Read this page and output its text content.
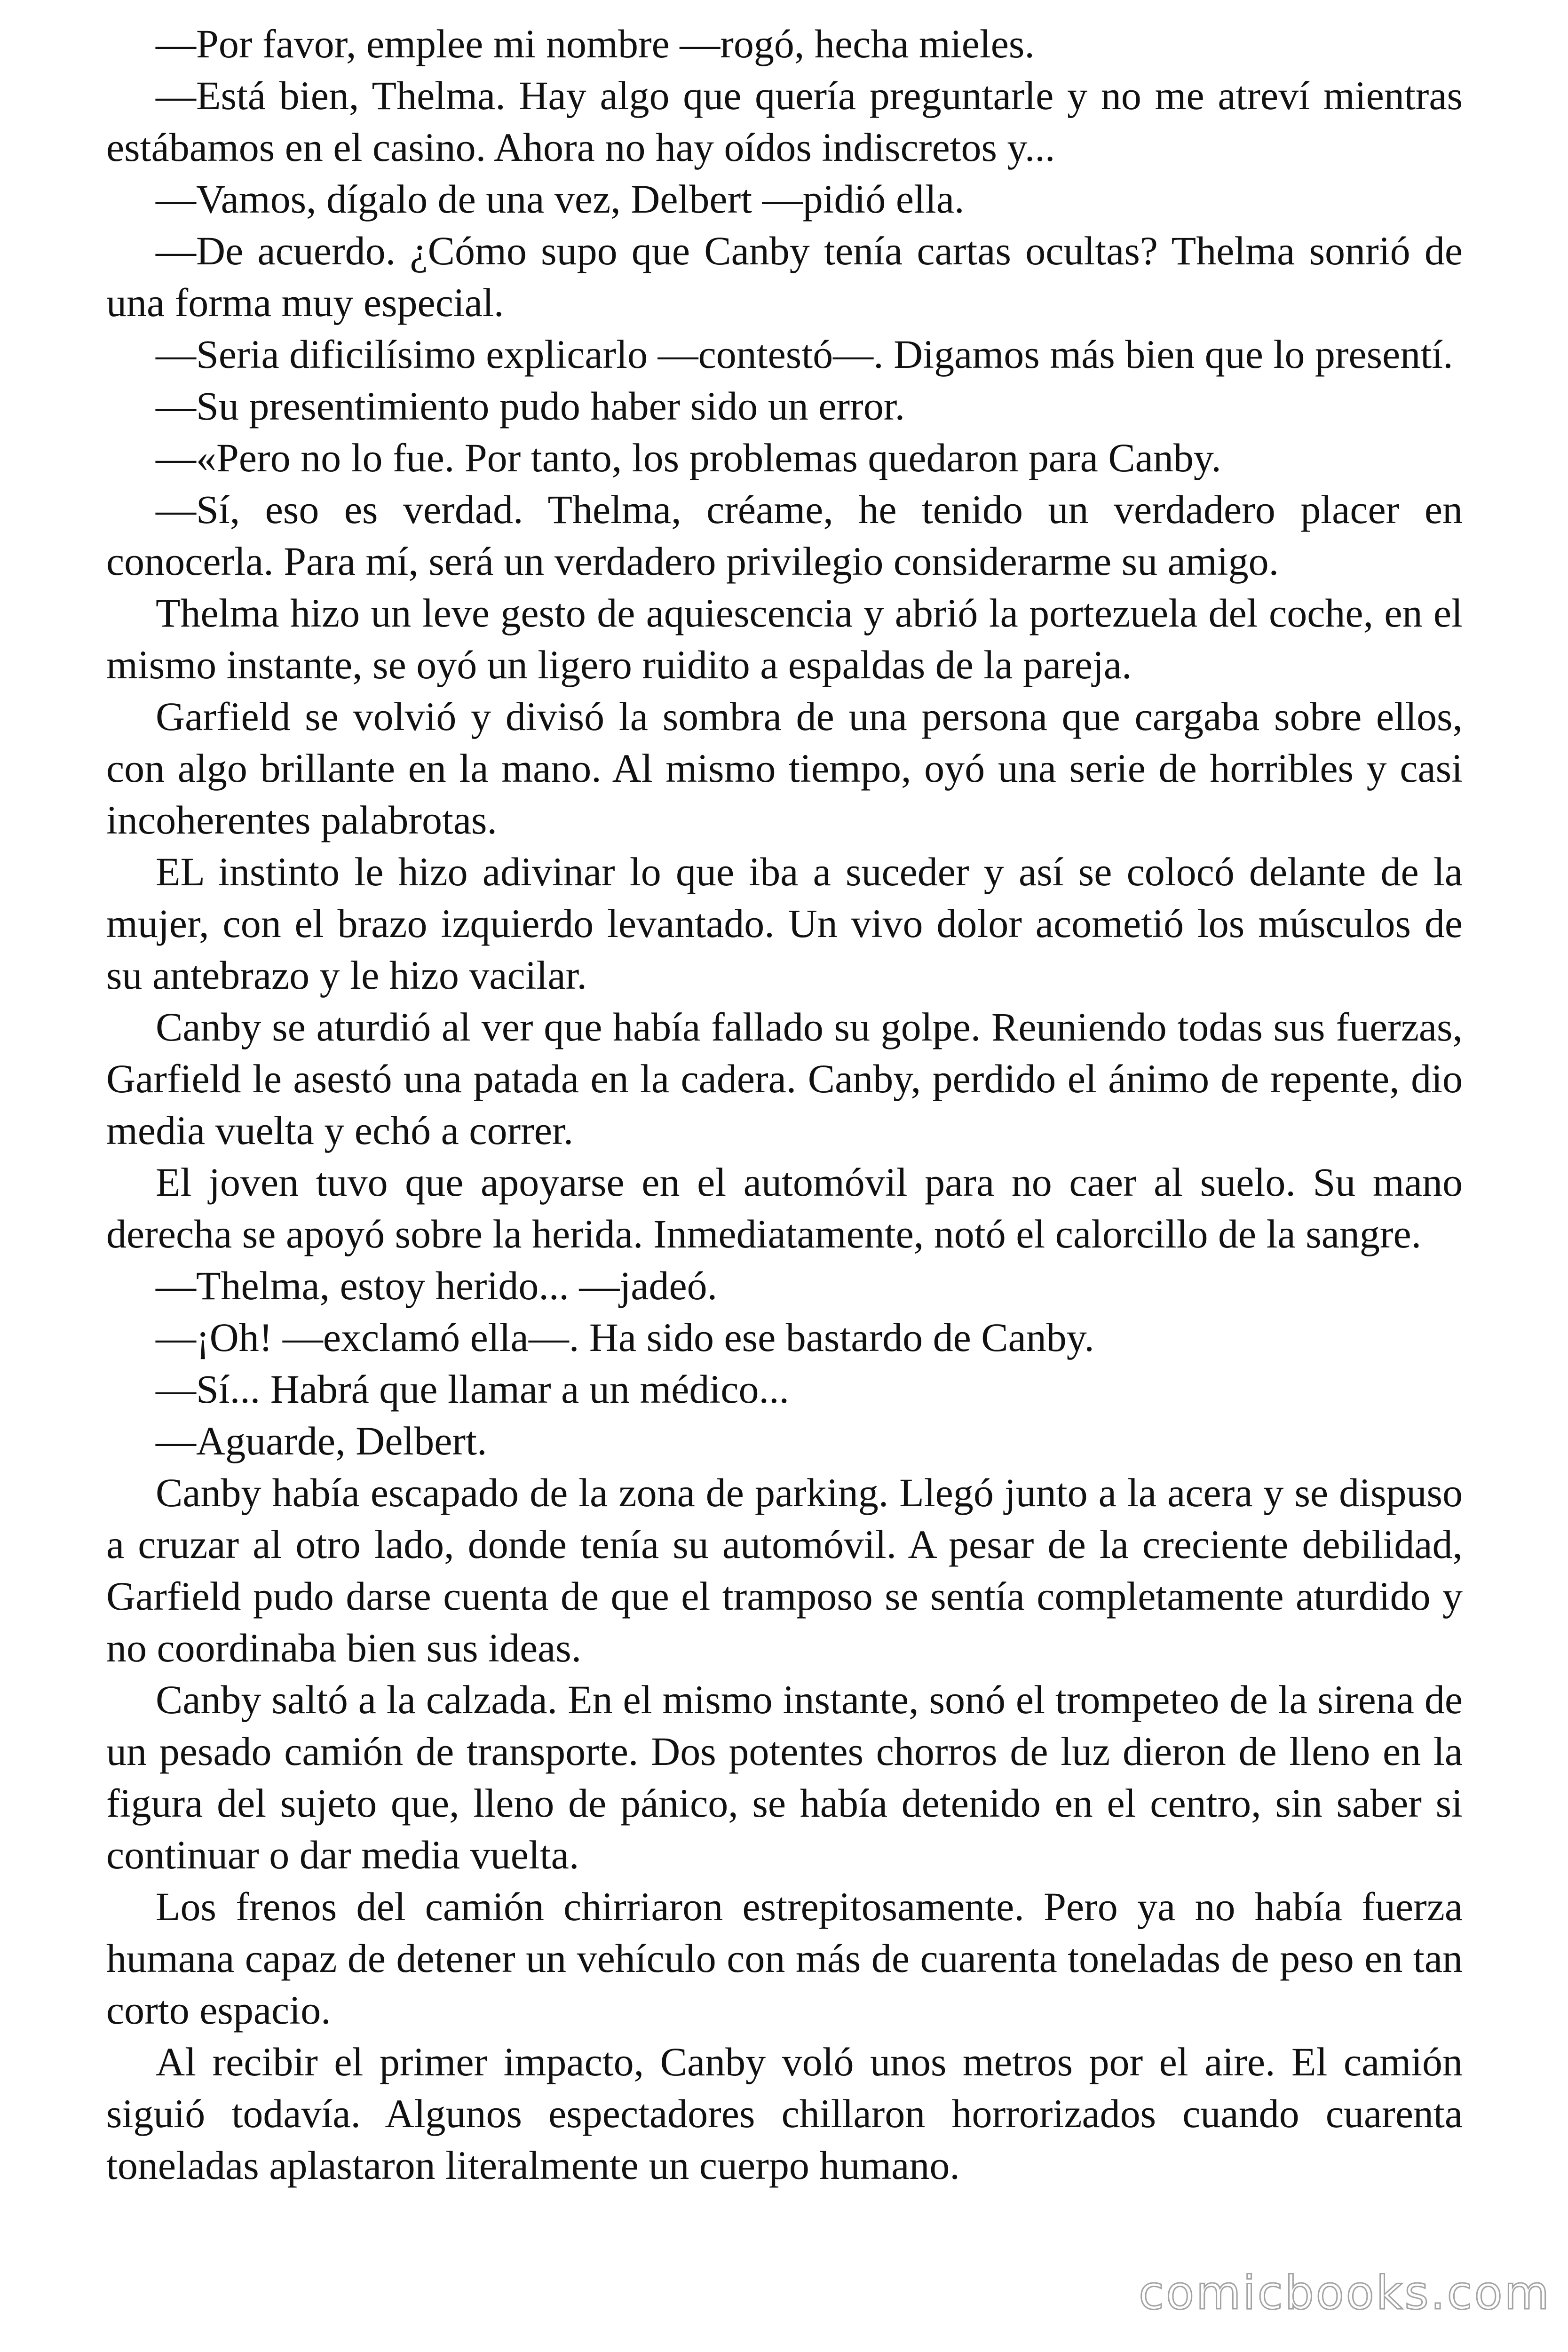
—Por favor, emplee mi nombre —rogó, hecha mieles.

—Está bien, Thelma. Hay algo que quería preguntarle y no me atreví mientras estábamos en el casino. Ahora no hay oídos indiscretos y...

—Vamos, dígalo de una vez, Delbert —pidió ella.

—De acuerdo. ¿Cómo supo que Canby tenía cartas ocultas? Thelma sonrió de una forma muy especial.

—Seria dificilísimo explicarlo —contestó—. Digamos más bien que lo presentí.

—Su presentimiento pudo haber sido un error.

—«Pero no lo fue. Por tanto, los problemas quedaron para Canby.

—Sí, eso es verdad. Thelma, créame, he tenido un verdadero placer en conocerla. Para mí, será un verdadero privilegio considerarme su amigo.

Thelma hizo un leve gesto de aquiescencia y abrió la portezuela del coche, en el mismo instante, se oyó un ligero ruidito a espaldas de la pareja.

Garfield se volvió y divisó la sombra de una persona que cargaba sobre ellos, con algo brillante en la mano. Al mismo tiempo, oyó una serie de horribles y casi incoherentes palabrotas.

EL instinto le hizo adivinar lo que iba a suceder y así se colocó delante de la mujer, con el brazo izquierdo levantado. Un vivo dolor acometió los músculos de su antebrazo y le hizo vacilar.

Canby se aturdió al ver que había fallado su golpe. Reuniendo todas sus fuerzas, Garfield le asestó una patada en la cadera. Canby, perdido el ánimo de repente, dio media vuelta y echó a correr.

El joven tuvo que apoyarse en el automóvil para no caer al suelo. Su mano derecha se apoyó sobre la herida. Inmediatamente, notó el calorcillo de la sangre.

—Thelma, estoy herido... —jadeó.

—¡Oh! —exclamó ella—. Ha sido ese bastardo de Canby.

—Sí... Habrá que llamar a un médico...

—Aguarde, Delbert.

Canby había escapado de la zona de parking. Llegó junto a la acera y se dispuso a cruzar al otro lado, donde tenía su automóvil. A pesar de la creciente debilidad, Garfield pudo darse cuenta de que el tramposo se sentía completamente aturdido y no coordinaba bien sus ideas.

Canby saltó a la calzada. En el mismo instante, sonó el trompeteo de la sirena de un pesado camión de transporte. Dos potentes chorros de luz dieron de lleno en la figura del sujeto que, lleno de pánico, se había detenido en el centro, sin saber si continuar o dar media vuelta.

Los frenos del camión chirriaron estrepitosamente. Pero ya no había fuerza humana capaz de detener un vehículo con más de cuarenta toneladas de peso en tan corto espacio.

Al recibir el primer impacto, Canby voló unos metros por el aire. El camión siguió todavía. Algunos espectadores chillaron horrorizados cuando cuarenta toneladas aplastaron literalmente un cuerpo humano.

comicbooks.com
